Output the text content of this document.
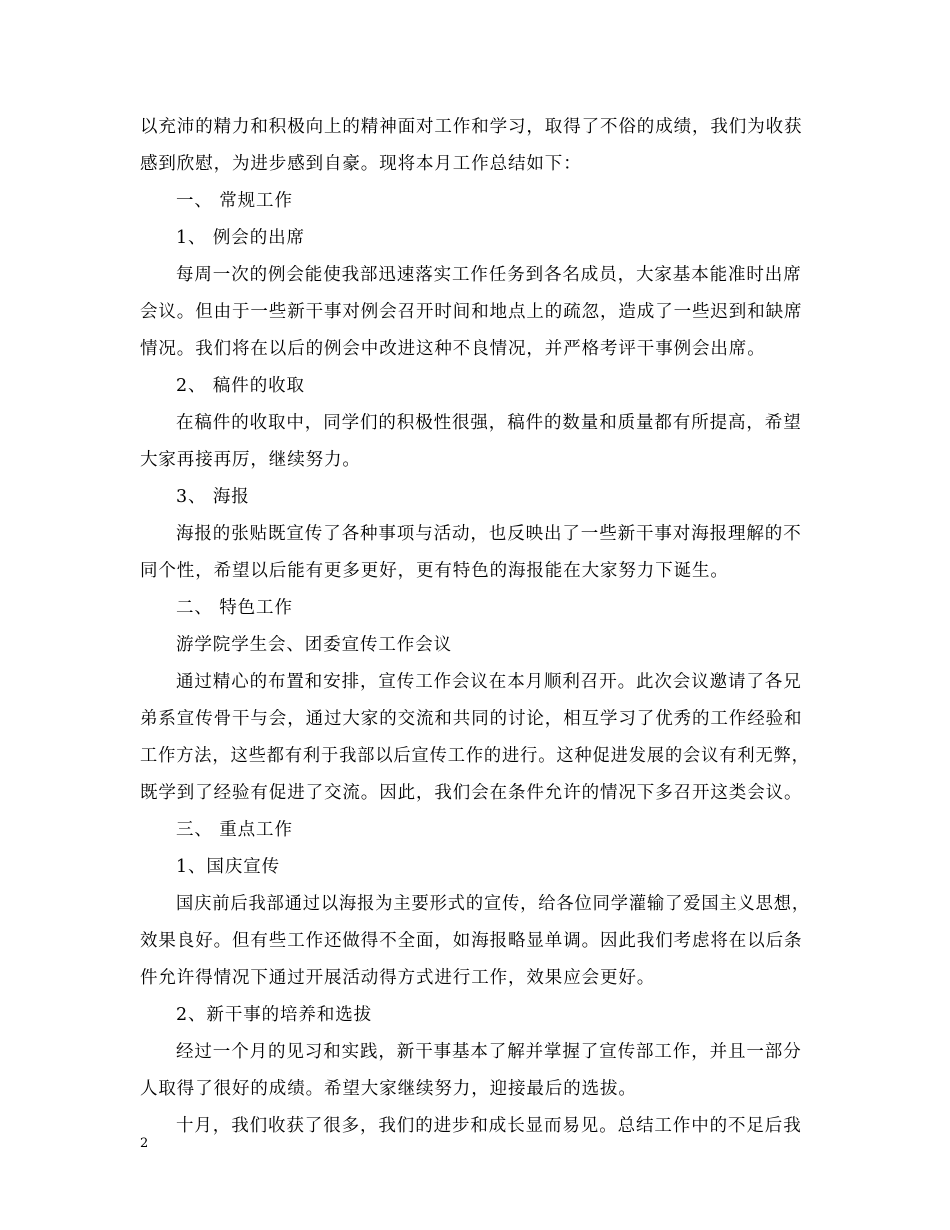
以充沛的精力和积极向上的精神面对工作和学习，取得了不俗的成绩，我们为收获
感到欣慰，为进步感到自豪。现将本月工作总结如下：
一、 常规工作
1、 例会的出席
每周一次的例会能使我部迅速落实工作任务到各名成员，大家基本能准时出席
会议。但由于一些新干事对例会召开时间和地点上的疏忽，造成了一些迟到和缺席
情况。我们将在以后的例会中改进这种不良情况，并严格考评干事例会出席。
2、 稿件的收取
在稿件的收取中，同学们的积极性很强，稿件的数量和质量都有所提高，希望
大家再接再厉，继续努力。
3、 海报
海报的张贴既宣传了各种事项与活动，也反映出了一些新干事对海报理解的不
同个性，希望以后能有更多更好，更有特色的海报能在大家努力下诞生。
二、 特色工作
游学院学生会、团委宣传工作会议
通过精心的布置和安排，宣传工作会议在本月顺利召开。此次会议邀请了各兄
弟系宣传骨干与会，通过大家的交流和共同的讨论，相互学习了优秀的工作经验和
工作方法，这些都有利于我部以后宣传工作的进行。这种促进发展的会议有利无弊，
既学到了经验有促进了交流。因此，我们会在条件允许的情况下多召开这类会议。
三、 重点工作
1、国庆宣传
国庆前后我部通过以海报为主要形式的宣传，给各位同学灌输了爱国主义思想，
效果良好。但有些工作还做得不全面，如海报略显单调。因此我们考虑将在以后条
件允许得情况下通过开展活动得方式进行工作，效果应会更好。
2、新干事的培养和选拔
经过一个月的见习和实践，新干事基本了解并掌握了宣传部工作，并且一部分
人取得了很好的成绩。希望大家继续努力，迎接最后的选拔。
十月，我们收获了很多，我们的进步和成长显而易见。总结工作中的不足后我
2
